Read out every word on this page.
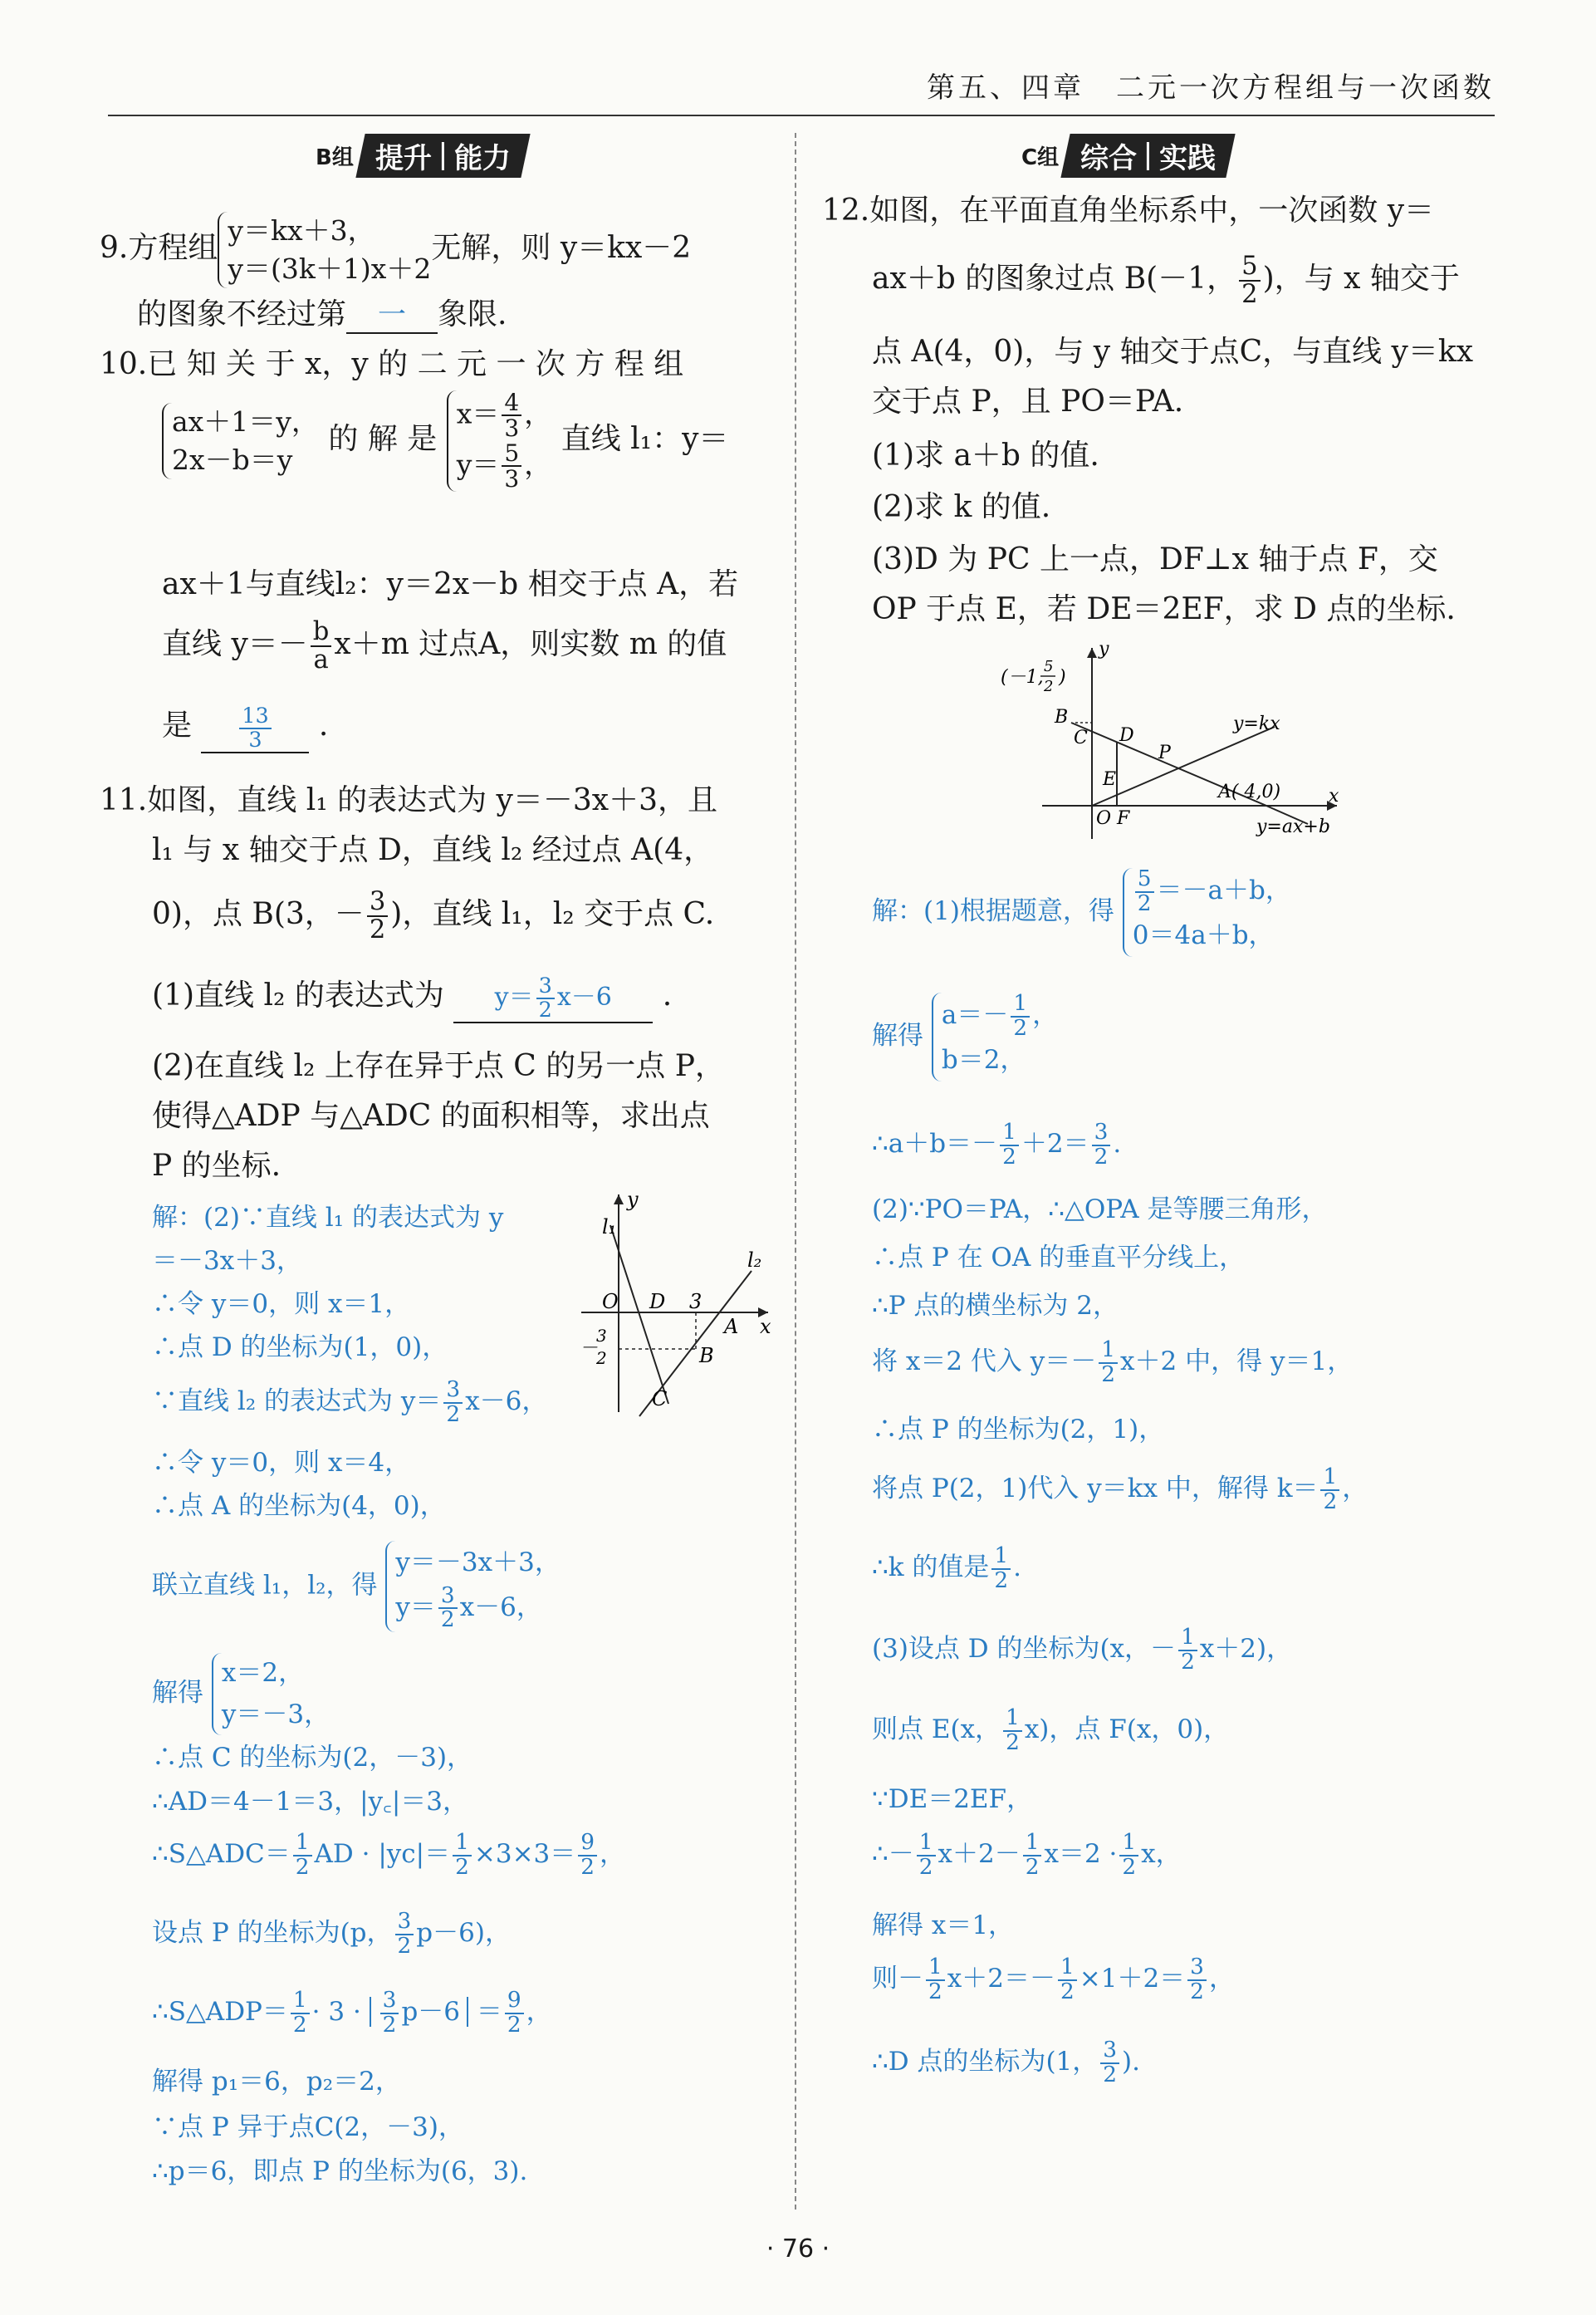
第五、四章　二元一次方程组与一次函数
B组 提升 能力	C组 综合 实践
9.方程组y＝kx＋3，
y＝(3k＋1)x＋2无解，则 y＝kx－2
的图象不经过第 一 象限.
10.已 知 关 于 x，y 的 二 元 一 次 方 程 组
ax＋1＝y，
2x－b＝y 的 解 是 $x= \frac{4}{3}$ ，
$y= \frac{5}{3}$ ， 直线 l₁：y＝
ax＋1与直线l₂：y＝2x－b 相交于点 A，若
直线 $y=- \frac{b}{a} x+m$ 过点A，则实数 m 的值
是 $\frac{13}{3}$ .
11.如图，直线 l₁ 的表达式为 y＝－3x＋3，且
l₁ 与 x 轴交于点 D，直线 l₂ 经过点 A(4，
0)，点 B(3，－ $\frac{3}{2}$ )，直线 l₁，l₂ 交于点 C.
(1)直线 l₂ 的表达式为 $y= \frac{3}{2} x-6$ .
(2)在直线 l₂ 上存在异于点 C 的另一点 P，
使得△ADP 与△ADC 的面积相等，求出点
P 的坐标.
解：(2)∵直线 l₁ 的表达式为 y
＝－3x＋3，
∴令 y＝0，则 x＝1，
∴点 D 的坐标为(1，0)，
∵直线 l₂ 的表达式为 $y= \frac{3}{2} x-6$，
∴令 y＝0，则 x＝4，
∴点 A 的坐标为(4，0)，
联立直线 l₁，l₂，得 y＝－3x＋3，
$y= \frac{3}{2} x-6$，
解得 x＝2，
y＝－3，
∴点 C 的坐标为(2，－3)，
∴AD＝4－1＝3，|y꜀|＝3，
∴S△ADC＝ $\frac{1}{2}$ AD · $|yc|= \frac{1}{2} \times 3\times 3= \frac{9}{2}$ ，
设点 P 的坐标为(p， $\frac{3}{2} p-6$)，
∴S△ADP＝ $\frac{1}{2} \cdot 3 \cdot \frac{3}{2} p-6 = \frac{9}{2}$ ，
解得 p₁＝6，p₂＝2，
∵点 P 异于点C(2，－3)，
∴p＝6，即点 P 的坐标为(6，3).
y
x
l₁
l₂
O D 3
A
B
C
－
3
2
12.如图，在平面直角坐标系中，一次函数 y＝
ax＋b 的图象过点 B(－1， $\frac{5}{2}$ )，与 x 轴交于
点 A(4，0)，与 y 轴交于点C，与直线 y＝kx
交于点 P，且 PO＝PA.
(1)求 a＋b 的值.
(2)求 k 的值.
(3)D 为 PC 上一点，DF⊥x 轴于点 F，交
OP 于点 E，若 DE＝2EF，求 D 点的坐标.
(－1,
5
2 )
y
x
B
C D
P
E
O F
A( 4,0)
y=kx
y=ax+b
解：(1)根据题意，得 $\frac{5}{2} =-a+b$，
0＝4a＋b，
解得 $a=- \frac{1}{2}$ ，
b＝2，
∴a＋b＝－ $\frac{1}{2} +2= \frac{3}{2}$ .
(2)∵PO＝PA，∴△OPA 是等腰三角形，
∴点 P 在 OA 的垂直平分线上，
∴P 点的横坐标为 2，
将 x＝2 代入 $y=- \frac{1}{2} x+2$ 中，得 y＝1，
∴点 P 的坐标为(2，1)，
将点 P(2，1)代入 y＝kx 中，解得 $k= \frac{1}{2}$ ，
∴k 的值是 $\frac{1}{2}$ .
(3)设点 D 的坐标为(x，－ $\frac{1}{2} x+2$)，
则点 E(x， $\frac{1}{2} x$)，点 F(x，0)，
∵DE＝2EF，
∴－ $\frac{1}{2} x+2- \frac{1}{2} x=2 \cdot \frac{1}{2}$ x，
解得 x＝1，
则－ $\frac{1}{2} x+2=- \frac{1}{2} \times 1+2= \frac{3}{2}$ ，
∴D 点的坐标为(1， $\frac{3}{2}$ ).
· 76 ·
